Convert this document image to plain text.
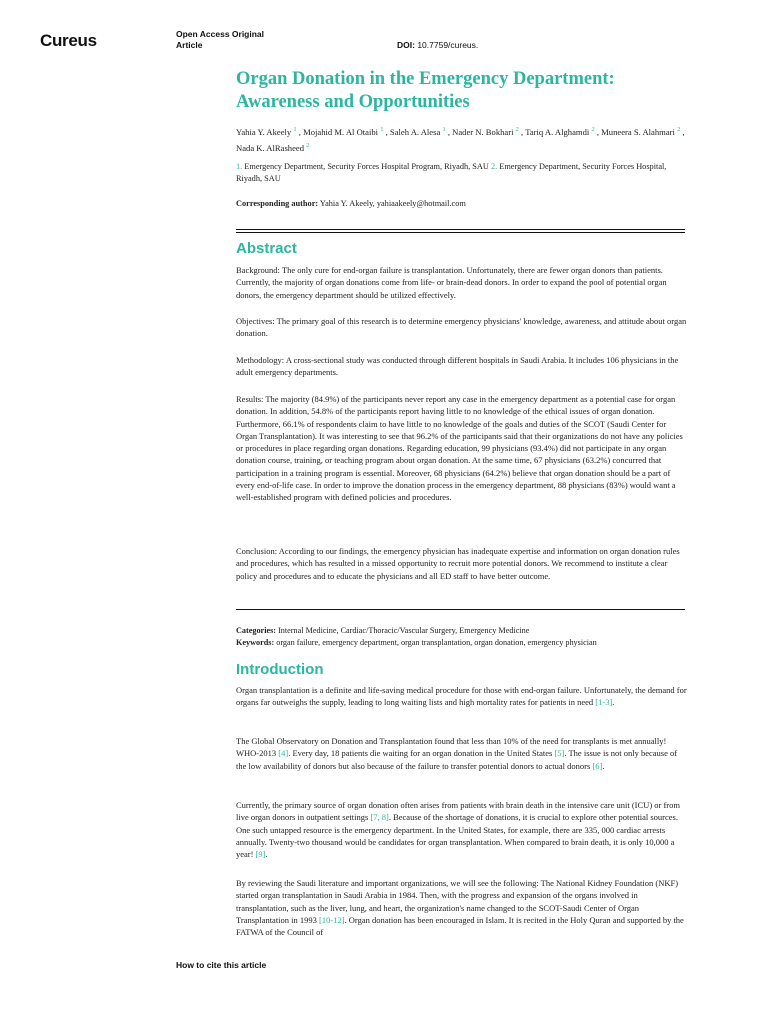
Cureus	Open Access Original
Article	DOI: 10.7759/cureus.
Organ Donation in the Emergency Department:
Awareness and Opportunities
Yahia Y. Akeely $^1$ , Mojahid M. Al Otaibi $^1$ , Saleh A. Alesa $^1$ , Nader N. Bokhari $^2$ , Tariq A. Alghamdi $^2$ , Muneera S. Alahmari $^2$ , Nada K. AlRasheed $^2$
1. Emergency Department, Security Forces Hospital Program, Riyadh, SAU 2. Emergency Department, Security Forces Hospital, Riyadh, SAU
Corresponding author: Yahia Y. Akeely, yahiaakeely@hotmail.com
Abstract

Background: The only cure for end-organ failure is transplantation. Unfortunately, there are fewer organ donors than patients. Currently, the majority of organ donations come from life- or brain-dead donors. In order to expand the pool of potential organ donors, the emergency department should be utilized effectively.

Objectives: The primary goal of this research is to determine emergency physicians' knowledge, awareness, and attitude about organ donation.

Methodology: A cross-sectional study was conducted through different hospitals in Saudi Arabia. It includes 106 physicians in the adult emergency departments.

Results: The majority (84.9%) of the participants never report any case in the emergency department as a potential case for organ donation. In addition, 54.8% of the participants report having little to no knowledge of the ethical issues of organ donation. Furthermore, 66.1% of respondents claim to have little to no knowledge of the goals and duties of the SCOT (Saudi Center for Organ Transplantation). It was interesting to see that 96.2% of the participants said that their organizations do not have any policies or procedures in place regarding organ donations. Regarding education, 99 physicians (93.4%) did not participate in any organ donation course, training, or teaching program about organ donation. At the same time, 67 physicians (63.2%) concurred that participation in a training program is essential. Moreover, 68 physicians (64.2%) believe that organ donation should be a part of every end-of-life case. In order to improve the donation process in the emergency department, 88 physicians (83%) would want a well-established program with defined policies and procedures.

Conclusion: According to our findings, the emergency physician has inadequate expertise and information on organ donation rules and procedures, which has resulted in a missed opportunity to recruit more potential donors. We recommend to institute a clear policy and procedures and to educate the physicians and all ED staff to have better outcome.

Categories: Internal Medicine, Cardiac/Thoracic/Vascular Surgery, Emergency Medicine
Keywords: organ failure, emergency department, organ transplantation, organ donation, emergency physician
Introduction

Organ transplantation is a definite and life-saving medical procedure for those with end-organ failure. Unfortunately, the demand for organs far outweighs the supply, leading to long waiting lists and high mortality rates for patients in need [1-3].

The Global Observatory on Donation and Transplantation found that less than 10% of the need for transplants is met annually! WHO-2013 [4]. Every day, 18 patients die waiting for an organ donation in the United States [5]. The issue is not only because of the low availability of donors but also because of the failure to transfer potential donors to actual donors [6].

Currently, the primary source of organ donation often arises from patients with brain death in the intensive care unit (ICU) or from live organ donors in outpatient settings [7, 8]. Because of the shortage of donations, it is crucial to explore other potential sources. One such untapped resource is the emergency department. In the United States, for example, there are 335, 000 cardiac arrests annually. Twenty-two thousand would be candidates for organ transplantation. When compared to brain death, it is only 10,000 a year! [9].

By reviewing the Saudi literature and important organizations, we will see the following: The National Kidney Foundation (NKF) started organ transplantation in Saudi Arabia in 1984. Then, with the progress and expansion of the organs involved in transplantation, such as the liver, lung, and heart, the organization's name changed to the SCOT-Saudi Center of Organ Transplantation in 1993 [10-12]. Organ donation has been encouraged in Islam. It is recited in the Holy Quran and supported by the FATWA of the Council of

How to cite this article
